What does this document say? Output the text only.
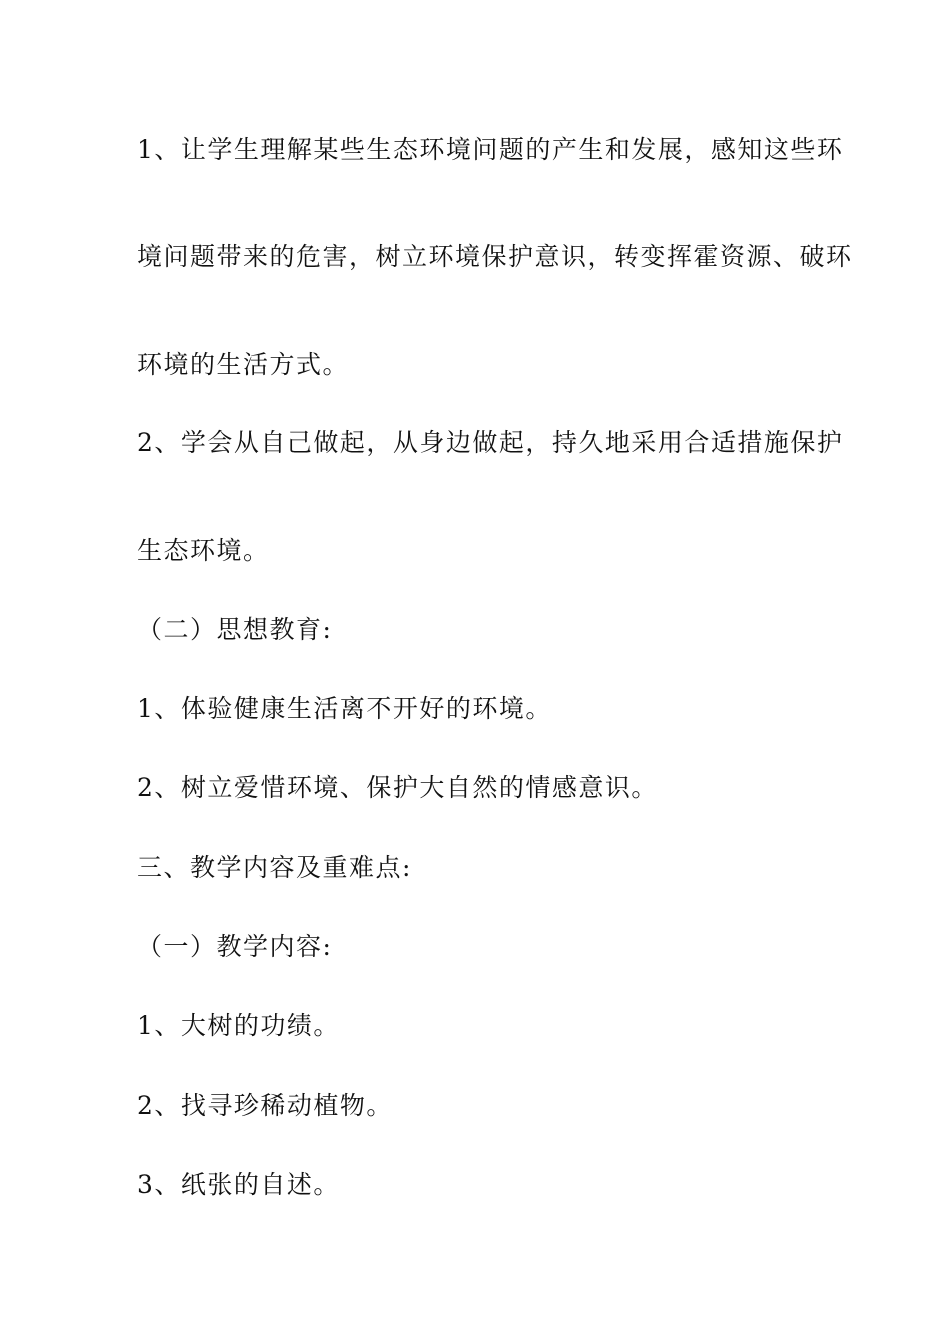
1、让学生理解某些生态环境问题的产生和发展，感知这些环
境问题带来的危害，树立环境保护意识，转变挥霍资源、破环
环境的生活方式。
2、学会从自己做起，从身边做起，持久地采用合适措施保护
生态环境。
（二）思想教育:
1、体验健康生活离不开好的环境。
2、树立爱惜环境、保护大自然的情感意识。
三、教学内容及重难点:
（一）教学内容:
1、大树的功绩。
2、找寻珍稀动植物。
3、纸张的自述。
